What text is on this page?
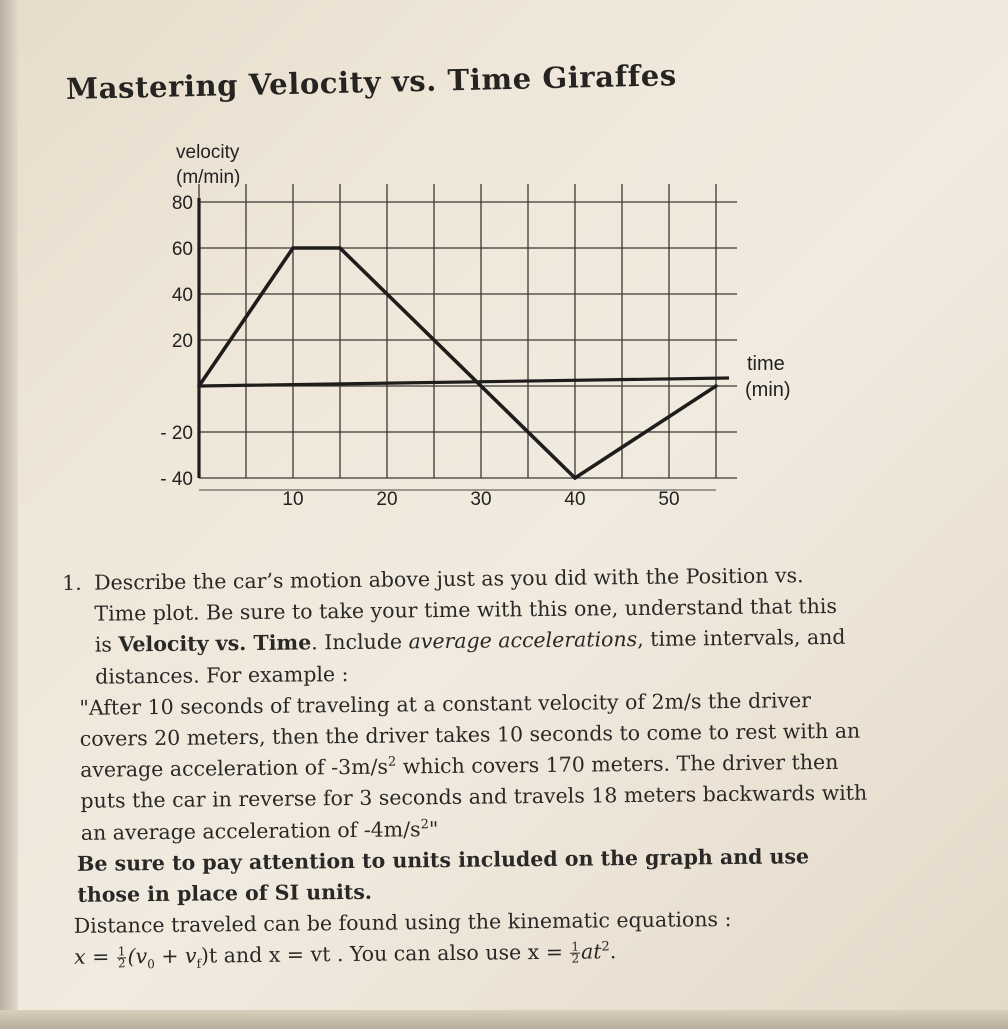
Mastering Velocity vs. Time Giraffes
10	20	30	40	50
80
60
40
20
- 20
- 40
velocity
(m/min)
time
(min)

1. Describe the car’s motion above just as you did with the Position vs.

Time plot. Be sure to take your time with this one, understand that this

is Velocity vs. Time. Include average accelerations, time intervals, and

distances. For example :

"After 10 seconds of traveling at a constant velocity of 2m/s the driver

covers 20 meters, then the driver takes 10 seconds to come to rest with an

average acceleration of $-3m/s^2$ which covers 170 meters. The driver then

puts the car in reverse for 3 seconds and travels 18 meters backwards with

an average acceleration of $-4m/s^2$"

Be sure to pay attention to units included on the graph and use

those in place of SI units.

Distance traveled can be found using the kinematic equations :

$x = \frac{1}{2} (v_0 + v_f)t$ and x = vt . You can also use $x = \frac{1}{2} at^2$.
